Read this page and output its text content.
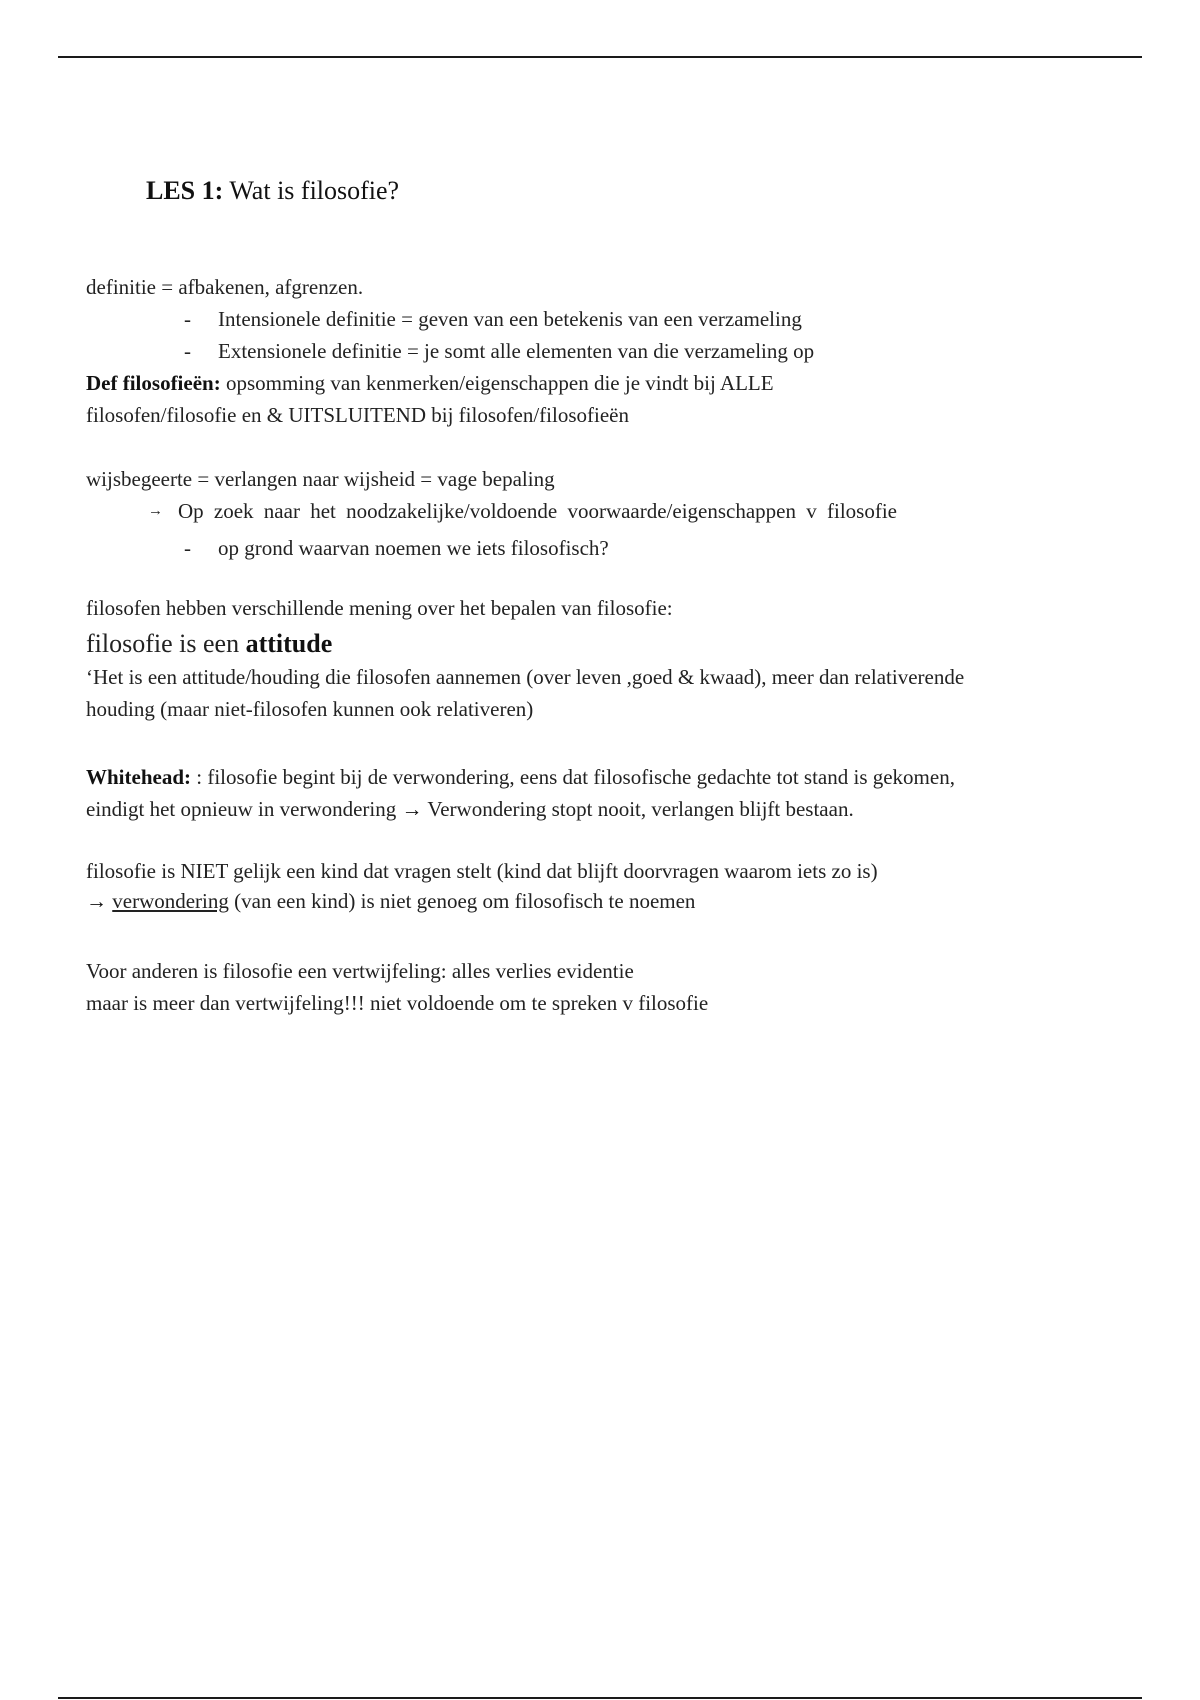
LES 1: Wat is filosofie?
definitie = afbakenen, afgrenzen.
- Intensionele definitie = geven van een betekenis van een verzameling
- Extensionele definitie = je somt alle elementen van die verzameling op
Def filosofieën: opsomming van kenmerken/eigenschappen die je vindt bij ALLE
filosofen/filosofie en & UITSLUITEND bij filosofen/filosofieën
wijsbegeerte = verlangen naar wijsheid = vage bepaling
→ Op zoek naar het noodzakelijke/voldoende voorwaarde/eigenschappen v filosofie
- op grond waarvan noemen we iets filosofisch?
filosofen hebben verschillende mening over het bepalen van filosofie:
filosofie is een attitude
‘Het is een attitude/houding die filosofen aannemen (over leven ,goed & kwaad), meer dan relativerende
houding (maar niet-filosofen kunnen ook relativeren)
Whitehead: : filosofie begint bij de verwondering, eens dat filosofische gedachte tot stand is gekomen,
eindigt het opnieuw in verwondering → Verwondering stopt nooit, verlangen blijft bestaan.
filosofie is NIET gelijk een kind dat vragen stelt (kind dat blijft doorvragen waarom iets zo is)
→ verwondering (van een kind) is niet genoeg om filosofisch te noemen
Voor anderen is filosofie een vertwijfeling: alles verlies evidentie
maar is meer dan vertwijfeling!!! niet voldoende om te spreken v filosofie
